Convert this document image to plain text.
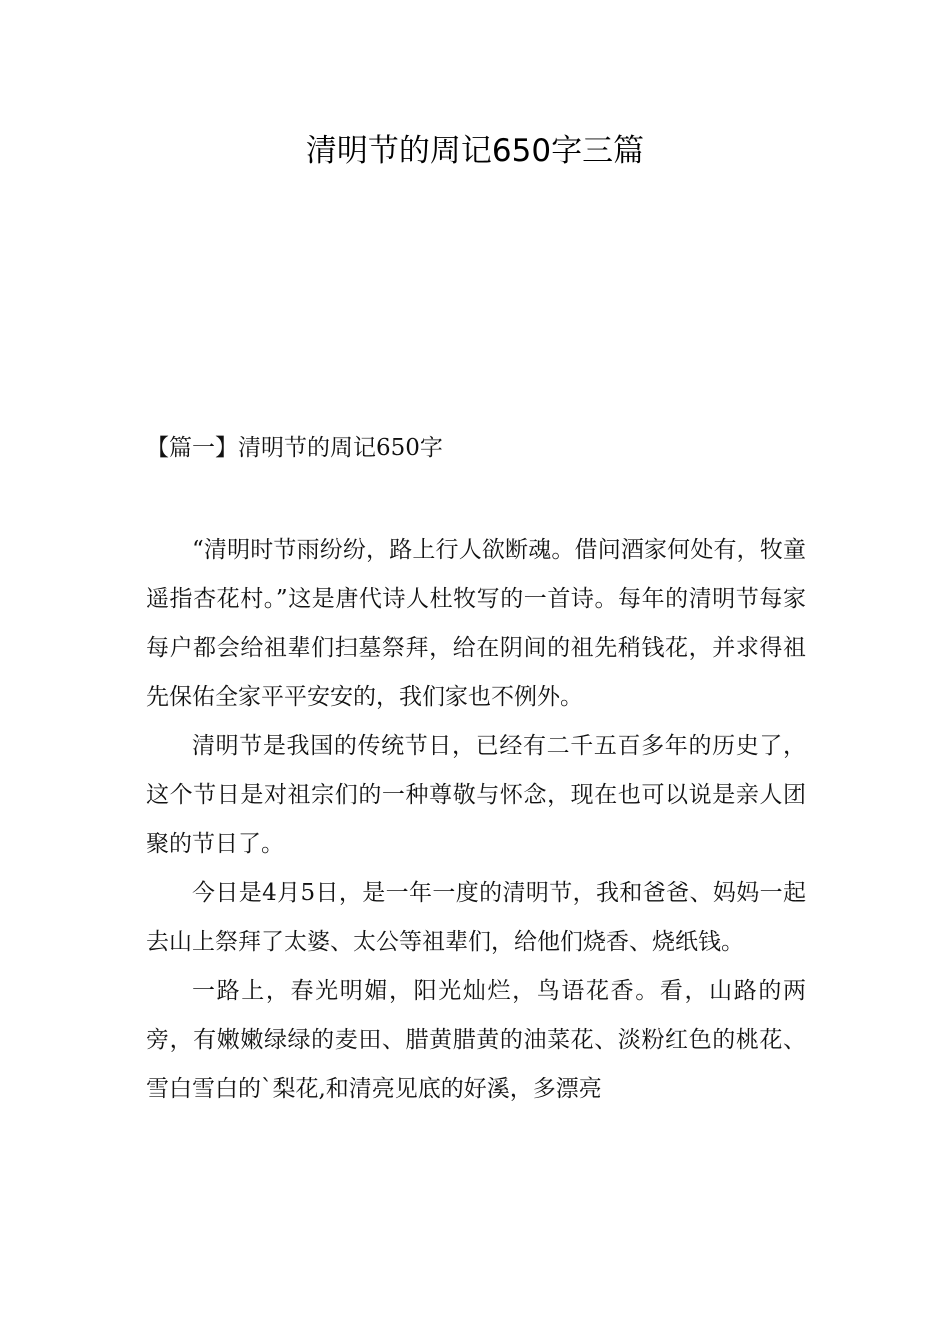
清明节的周记650字三篇
【篇一】清明节的周记650字

“清明时节雨纷纷，路上行人欲断魂。借问酒家何处有，牧童遥指杏花村。”这是唐代诗人杜牧写的一首诗。每年的清明节每家每户都会给祖辈们扫墓祭拜，给在阴间的祖先稍钱花，并求得祖先保佑全家平平安安的，我们家也不例外。

清明节是我国的传统节日，已经有二千五百多年的历史了，这个节日是对祖宗们的一种尊敬与怀念，现在也可以说是亲人团聚的节日了。

今日是4月5日，是一年一度的清明节，我和爸爸、妈妈一起去山上祭拜了太婆、太公等祖辈们，给他们烧香、烧纸钱。

一路上，春光明媚，阳光灿烂，鸟语花香。看，山路的两旁，有嫩嫩绿绿的麦田、腊黄腊黄的油菜花、淡粉红色的桃花、雪白雪白的`梨花,和清亮见底的好溪，多漂亮
